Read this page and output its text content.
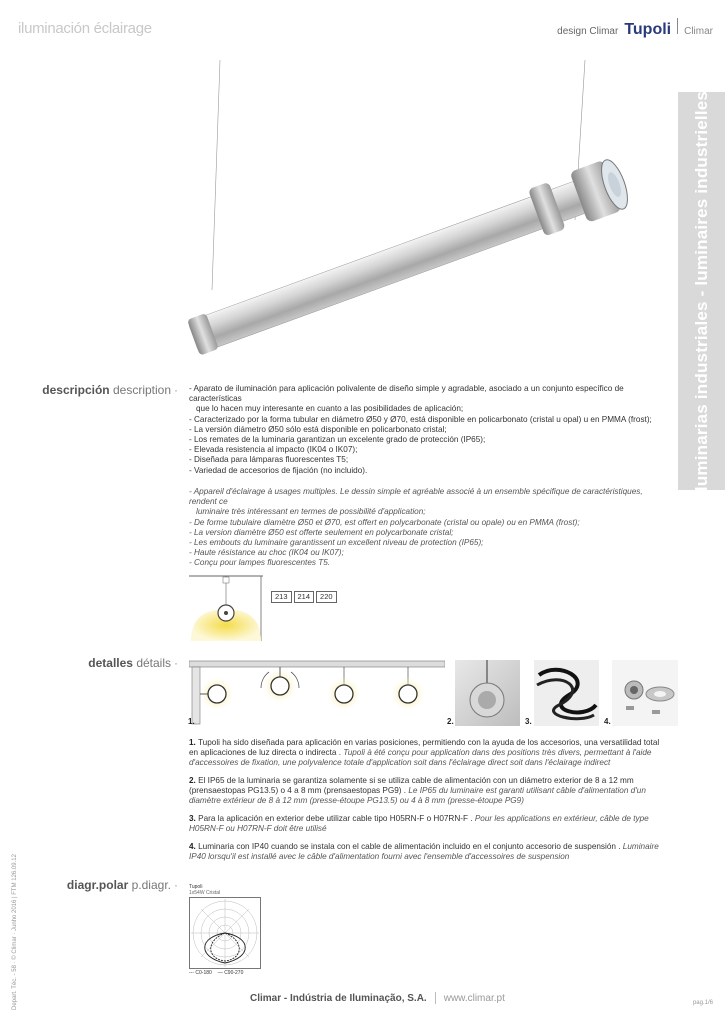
iluminación éclairage	design Climar Tupoli Climar
luminarias industriales - luminaires industrielles
descripción description · - Aparato de iluminación para aplicación polivalente de diseño simple y agradable, asociado a un conjunto específico de características
que lo hacen muy interesante en cuanto a las posibilidades de aplicación;
- Caracterizado por la forma tubular en diámetro Ø50 y Ø70, está disponible en policarbonato (cristal u opal) u en PMMA (frost);
- La versión diámetro Ø50 sólo está disponible en policarbonato cristal;
- Los remates de la luminaria garantizan un excelente grado de protección (IP65);
- Elevada resistencia al impacto (IK04 o IK07);
- Diseñada para lámparas fluorescentes T5;
- Variedad de accesorios de fijación (no incluido).
- Appareil d'éclairage à usages multiples. Le dessin simple et agréable associé à un ensemble spécifique de caractéristiques, rendent ce
luminaire très intéressant en termes de possibilité d'application;
- De forme tubulaire diamètre Ø50 et Ø70, est offert en polycarbonate (cristal ou opale) ou en PMMA (frost);
- La version diamètre Ø50 est offerte seulement en polycarbonate cristal;
- Les embouts du luminaire garantissent un excellent niveau de protection (IP65);
- Haute résistance au choc (IK04 ou IK07);
- Conçu pour lampes fluorescentes T5.
213	214	220
detalles détails ·
1.	2.	3.	4.
1. Tupoli ha sido diseñada para aplicación en varias posiciones, permitiendo con la ayuda de los accesorios, una versatilidad total en aplicaciones de luz directa o indirecta . Tupoli à été conçu pour application dans des positions très divers, permettant à l'aide d'accessoires de fixation, une polyvalence totale d'application soit dans l'éclairage direct soit dans l'éclairage indirect
2. El IP65 de la luminaria se garantiza solamente si se utiliza cable de alimentación con un diámetro exterior de 8 a 12 mm (prensaestopas PG13.5) o 4 a 8 mm (prensaestopas PG9) . Le IP65 du luminaire est garanti utilisant câble d'alimentation d'un diamètre extérieur de 8 à 12 mm (presse-étoupe PG13.5) ou 4 à 8 mm (presse-étoupe PG9)
3. Para la aplicación en exterior debe utilizar cable tipo H05RN-F o H07RN-F . Pour les applications en extérieur, câble de type H05RN-F ou H07RN-F doit être utilisé
4. Luminaria con IP40 cuando se instala con el cable de alimentación incluido en el conjunto accesorio de suspensión . Luminaire IP40 lorsqu'il est installé avec le câble d'alimentation fourni avec l'ensemble d'accessoires de suspension
diagr.polar p.diagr. · Tupoli
1x54W Cristal
--- C0-180 — C90-270
Depart. Téc. - 58 · © Climar · Junho 2016 | FTM 126.09.12	Climar - Indústria de Iluminação, S.A. www.climar.pt	pag.1/6
